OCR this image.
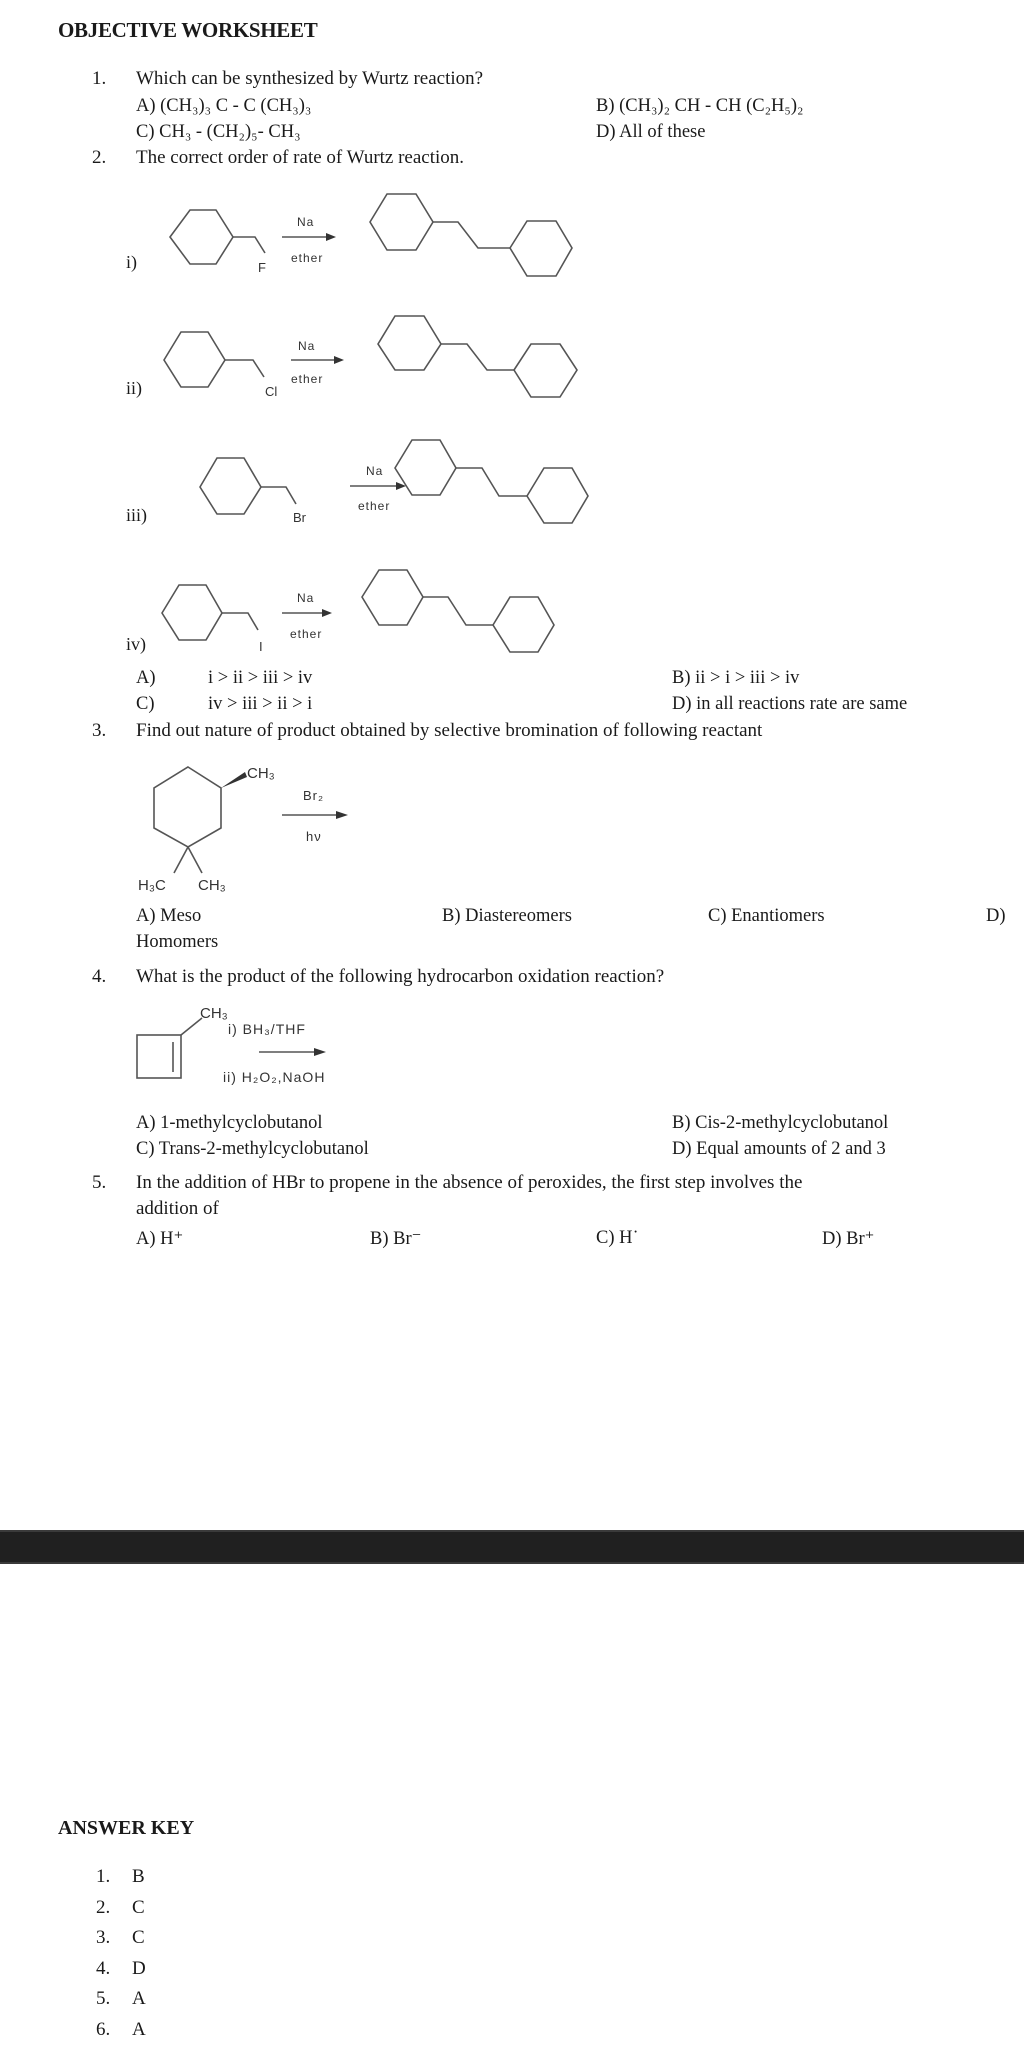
OBJECTIVE WORKSHEET
1. Which can be synthesized by Wurtz reaction?
A) (CH₃)₃ C - C (CH₃)₃	B) (CH₃)₂ CH - CH (C₂H₅)₂
C) CH₃ - (CH₂)₅- CH₃	D) All of these
2. The correct order of rate of Wurtz reaction.
i)	F
Na
ether
ii)	Cl
Na
ether
iii)	Br
Na
ether
iv)	I
Na
ether
A)	i > ii > iii > iv	B) ii > i > iii > iv
C)	iv > iii > ii > i	D) in all reactions rate are same
3. Find out nature of product obtained by selective bromination of following reactant
CH₃
H₃C CH₃
Br₂
hν
A) Meso	B) Diastereomers	C) Enantiomers	D)
Homomers
4. What is the product of the following hydrocarbon oxidation reaction?
CH₃
i) BH₃/THF
ii) H₂O₂,NaOH
A) 1-methylcyclobutanol	B) Cis-2-methylcyclobutanol
C) Trans-2-methylcyclobutanol	D) Equal amounts of 2 and 3
5. In the addition of HBr to propene in the absence of peroxides, the first step involves the
addition of
A) H⁺	B) Br⁻	C) H˙	D) Br⁺
ANSWER KEY
1. B
2. C
3. C
4. D
5. A
6. A
